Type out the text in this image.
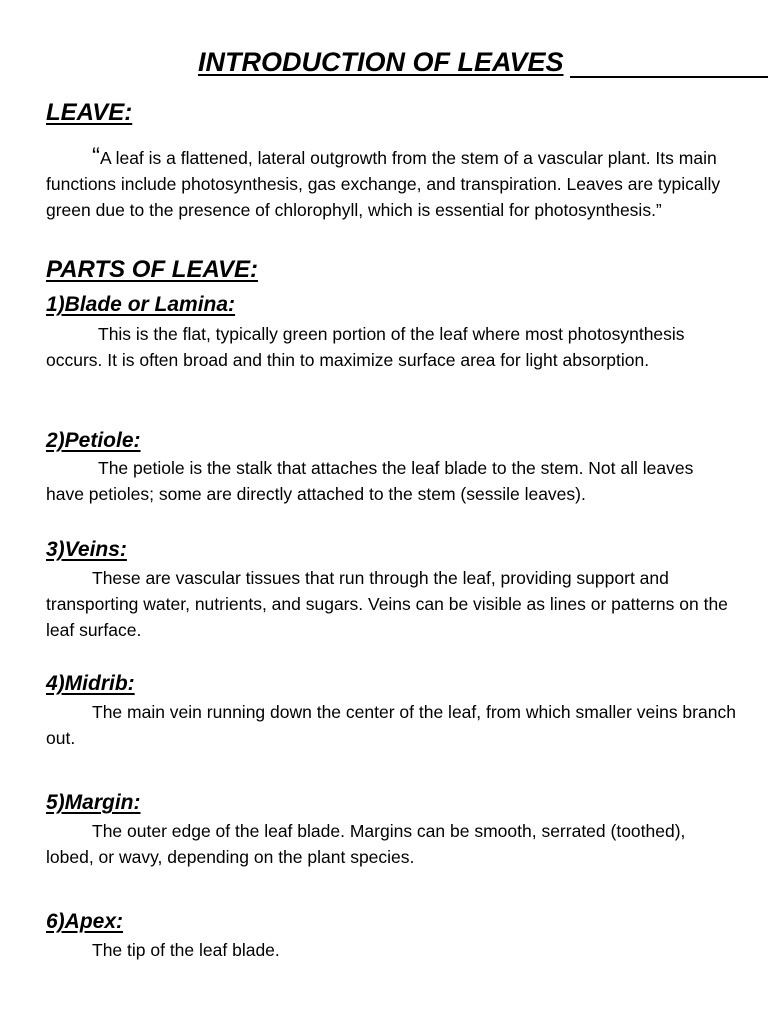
INTRODUCTION OF LEAVES
LEAVE:
“A leaf is a flattened, lateral outgrowth from the stem of a vascular plant. Its main functions include photosynthesis, gas exchange, and transpiration. Leaves are typically green due to the presence of chlorophyll, which is essential for photosynthesis.”
PARTS OF LEAVE:
1)Blade or Lamina:
This is the flat, typically green portion of the leaf where most photosynthesis occurs. It is often broad and thin to maximize surface area for light absorption.
2)Petiole:
The petiole is the stalk that attaches the leaf blade to the stem. Not all leaves have petioles; some are directly attached to the stem (sessile leaves).
3)Veins:
These are vascular tissues that run through the leaf, providing support and transporting water, nutrients, and sugars. Veins can be visible as lines or patterns on the leaf surface.
4)Midrib:
The main vein running down the center of the leaf, from which smaller veins branch out.
5)Margin:
The outer edge of the leaf blade. Margins can be smooth, serrated (toothed), lobed, or wavy, depending on the plant species.
6)Apex:
The tip of the leaf blade.
